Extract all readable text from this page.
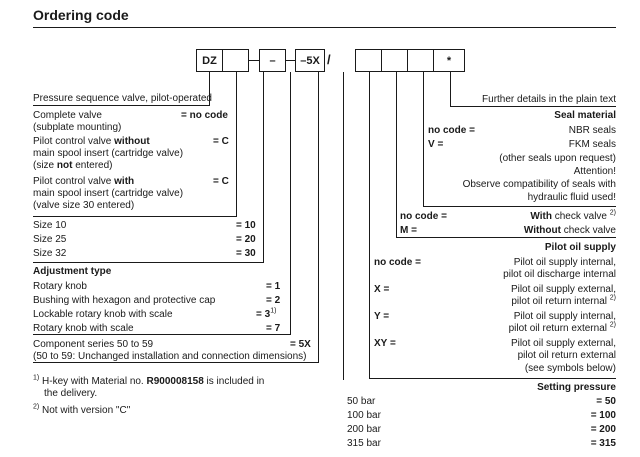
Ordering code
DZ	–	–5X /	*
Pressure sequence valve, pilot-operated
Complete valve	= no code
(subplate mounting)
Pilot control valve without	= C
main spool insert (cartridge valve)
(size not entered)
Pilot control valve with	= C
main spool insert (cartridge valve)
(valve size 30 entered)
Size 10	= 10
Size 25	= 20
Size 32	= 30
Adjustment type
Rotary knob	= 1
Bushing with hexagon and protective cap	= 2
Lockable rotary knob with scale	= $3^{1)}$
Rotary knob with scale	= 7
Component series 50 to 59	= 5X
(50 to 59: Unchanged installation and connection dimensions)
$^{1)}$ H-key with Material no. R900008158 is included in
the delivery.
$^{2)}$ Not with version "C"
Further details in the plain text
Seal material
no code =	NBR seals
V =	FKM seals
(other seals upon request)
Attention!
Observe compatibility of seals with
hydraulic fluid used!
no code =	With check valve $^{2)}$
M =	Without check valve
Pilot oil supply
no code =	Pilot oil supply internal,
pilot oil discharge internal
X =	Pilot oil supply external,
pilot oil return internal $^{2)}$
Y =	Pilot oil supply internal,
pilot oil return external $^{2)}$
XY =	Pilot oil supply external,
pilot oil return external
(see symbols below)
Setting pressure
50 bar	= 50
100 bar	= 100
200 bar	= 200
315 bar	= 315
